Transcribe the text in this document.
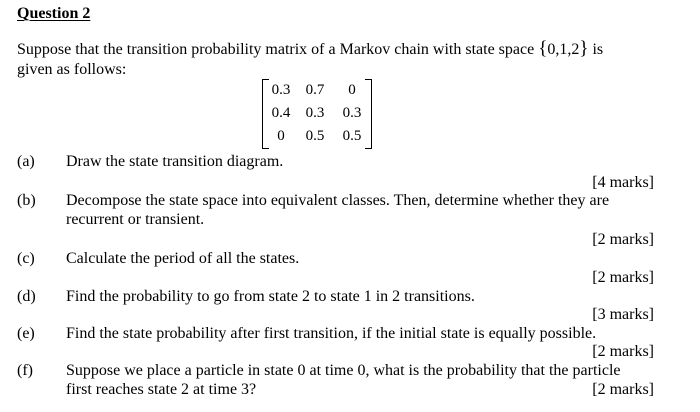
Question 2
Suppose that the transition probability matrix of a Markov chain with state space {0,1,2} is
given as follows:
0.3	0.7	0
0.4	0.3	0.3
0	0.5	0.5
(a) Draw the state transition diagram.
[4 marks]
(b) Decompose the state space into equivalent classes. Then, determine whether they are
recurrent or transient.
[2 marks]
(c) Calculate the period of all the states.
[2 marks]
(d) Find the probability to go from state 2 to state 1 in 2 transitions.
[3 marks]
(e) Find the state probability after first transition, if the initial state is equally possible.
[2 marks]
(f) Suppose we place a particle in state 0 at time 0, what is the probability that the particle
first reaches state 2 at time 3?	[2 marks]
